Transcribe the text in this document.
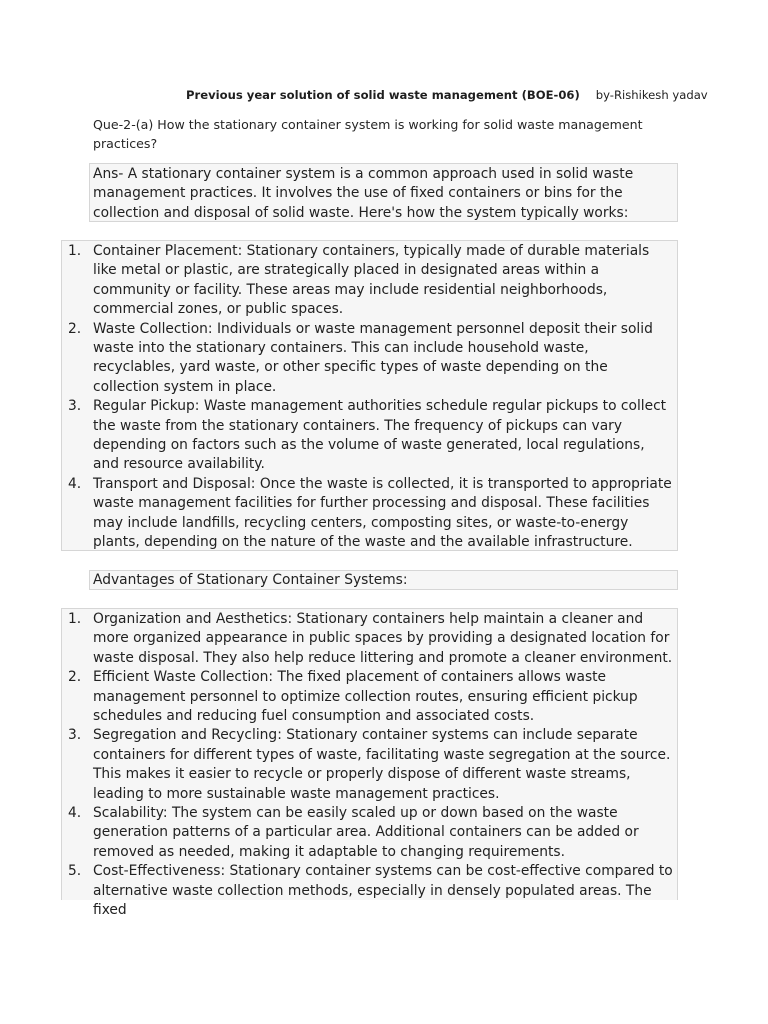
Previous year solution of solid waste management (BOE-06) by-Rishikesh yadav
Que-2-(a) How the stationary container system is working for solid waste management practices?
Ans- A stationary container system is a common approach used in solid waste management practices. It involves the use of fixed containers or bins for the collection and disposal of solid waste. Here's how the system typically works:
1. Container Placement: Stationary containers, typically made of durable materials like metal or plastic, are strategically placed in designated areas within a community or facility. These areas may include residential neighborhoods, commercial zones, or public spaces.
2. Waste Collection: Individuals or waste management personnel deposit their solid waste into the stationary containers. This can include household waste, recyclables, yard waste, or other specific types of waste depending on the collection system in place.
3. Regular Pickup: Waste management authorities schedule regular pickups to collect the waste from the stationary containers. The frequency of pickups can vary depending on factors such as the volume of waste generated, local regulations, and resource availability.
4. Transport and Disposal: Once the waste is collected, it is transported to appropriate waste management facilities for further processing and disposal. These facilities may include landfills, recycling centers, composting sites, or waste-to-energy plants, depending on the nature of the waste and the available infrastructure.
Advantages of Stationary Container Systems:
1. Organization and Aesthetics: Stationary containers help maintain a cleaner and more organized appearance in public spaces by providing a designated location for waste disposal. They also help reduce littering and promote a cleaner environment.
2. Efficient Waste Collection: The fixed placement of containers allows waste management personnel to optimize collection routes, ensuring efficient pickup schedules and reducing fuel consumption and associated costs.
3. Segregation and Recycling: Stationary container systems can include separate containers for different types of waste, facilitating waste segregation at the source. This makes it easier to recycle or properly dispose of different waste streams, leading to more sustainable waste management practices.
4. Scalability: The system can be easily scaled up or down based on the waste generation patterns of a particular area. Additional containers can be added or removed as needed, making it adaptable to changing requirements.
5. Cost-Effectiveness: Stationary container systems can be cost-effective compared to alternative waste collection methods, especially in densely populated areas. The fixed
